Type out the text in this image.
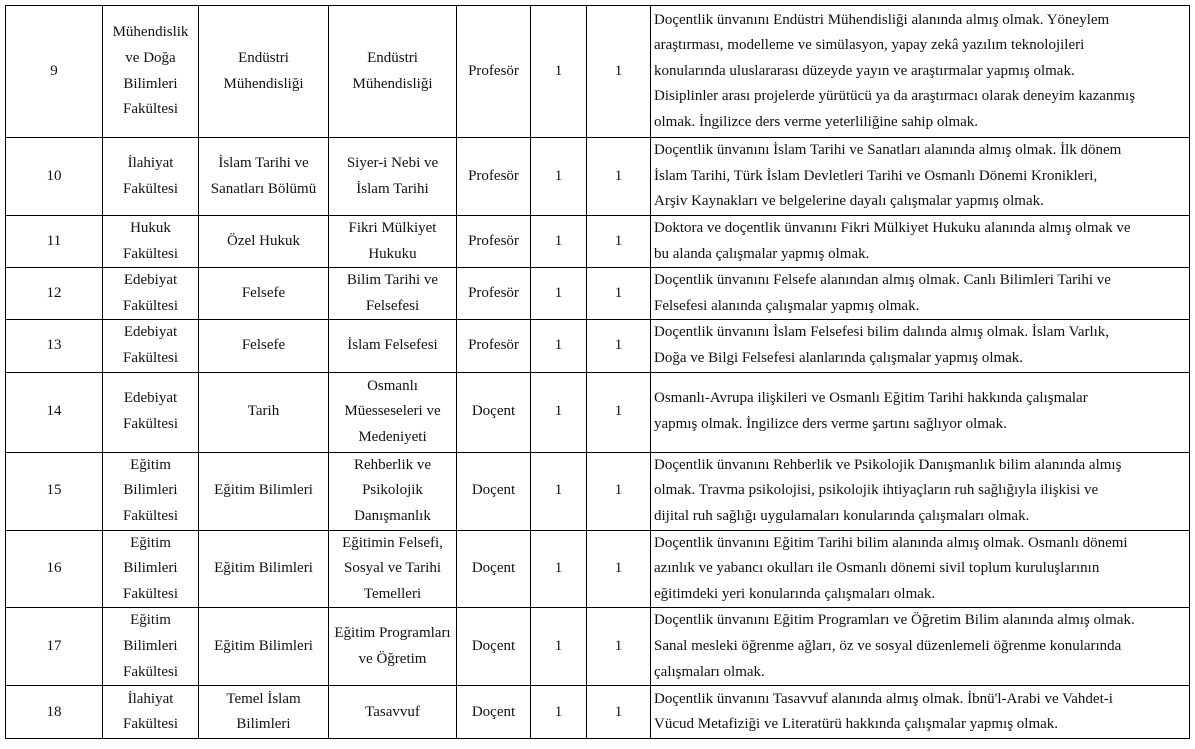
9	Mühendislik ve Doğa Bilimleri Fakültesi	Endüstri Mühendisliği	Endüstri Mühendisliği	Profesör	1	1	Doçentlik ünvanını Endüstri Mühendisliği alanında almış olmak. Yöneylem
araştırması, modelleme ve simülasyon, yapay zekâ yazılım teknolojileri
konularında uluslararası düzeyde yayın ve araştırmalar yapmış olmak.
Disiplinler arası projelerde yürütücü ya da araştırmacı olarak deneyim kazanmış
olmak. İngilizce ders verme yeterliliğine sahip olmak.

10	İlahiyat Fakültesi	İslam Tarihi ve Sanatları Bölümü	Siyer-i Nebi ve İslam Tarihi	Profesör	1	1	Doçentlik ünvanını İslam Tarihi ve Sanatları alanında almış olmak. İlk dönem
İslam Tarihi, Türk İslam Devletleri Tarihi ve Osmanlı Dönemi Kronikleri,
Arşiv Kaynakları ve belgelerine dayalı çalışmalar yapmış olmak.

11	Hukuk Fakültesi	Özel Hukuk	Fikri Mülkiyet Hukuku	Profesör	1	1	Doktora ve doçentlik ünvanını Fikri Mülkiyet Hukuku alanında almış olmak ve
bu alanda çalışmalar yapmış olmak.

12	Edebiyat Fakültesi	Felsefe	Bilim Tarihi ve Felsefesi	Profesör	1	1	Doçentlik ünvanını Felsefe alanından almış olmak. Canlı Bilimleri Tarihi ve
Felsefesi alanında çalışmalar yapmış olmak.

13	Edebiyat Fakültesi	Felsefe	İslam Felsefesi	Profesör	1	1	Doçentlik ünvanını İslam Felsefesi bilim dalında almış olmak. İslam Varlık,
Doğa ve Bilgi Felsefesi alanlarında çalışmalar yapmış olmak.

14	Edebiyat Fakültesi	Tarih	Osmanlı Müesseseleri ve Medeniyeti	Doçent	1	1	Osmanlı-Avrupa ilişkileri ve Osmanlı Eğitim Tarihi hakkında çalışmalar
yapmış olmak. İngilizce ders verme şartını sağlıyor olmak.

15	Eğitim Bilimleri Fakültesi	Eğitim Bilimleri	Rehberlik ve Psikolojik Danışmanlık	Doçent	1	1	Doçentlik ünvanını Rehberlik ve Psikolojik Danışmanlık bilim alanında almış
olmak. Travma psikolojisi, psikolojik ihtiyaçların ruh sağlığıyla ilişkisi ve
dijital ruh sağlığı uygulamaları konularında çalışmaları olmak.

16	Eğitim Bilimleri Fakültesi	Eğitim Bilimleri	Eğitimin Felsefi, Sosyal ve Tarihi Temelleri	Doçent	1	1	Doçentlik ünvanını Eğitim Tarihi bilim alanında almış olmak. Osmanlı dönemi
azınlık ve yabancı okulları ile Osmanlı dönemi sivil toplum kuruluşlarının
eğitimdeki yeri konularında çalışmaları olmak.

17	Eğitim Bilimleri Fakültesi	Eğitim Bilimleri	Eğitim Programları ve Öğretim	Doçent	1	1	Doçentlik ünvanını Eğitim Programları ve Öğretim Bilim alanında almış olmak.
Sanal mesleki öğrenme ağları, öz ve sosyal düzenlemeli öğrenme konularında
çalışmaları olmak.

18	İlahiyat Fakültesi	Temel İslam Bilimleri	Tasavvuf	Doçent	1	1	Doçentlik ünvanını Tasavvuf alanında almış olmak. İbnü'l-Arabi ve Vahdet-i
Vücud Metafiziği ve Literatürü hakkında çalışmalar yapmış olmak.
